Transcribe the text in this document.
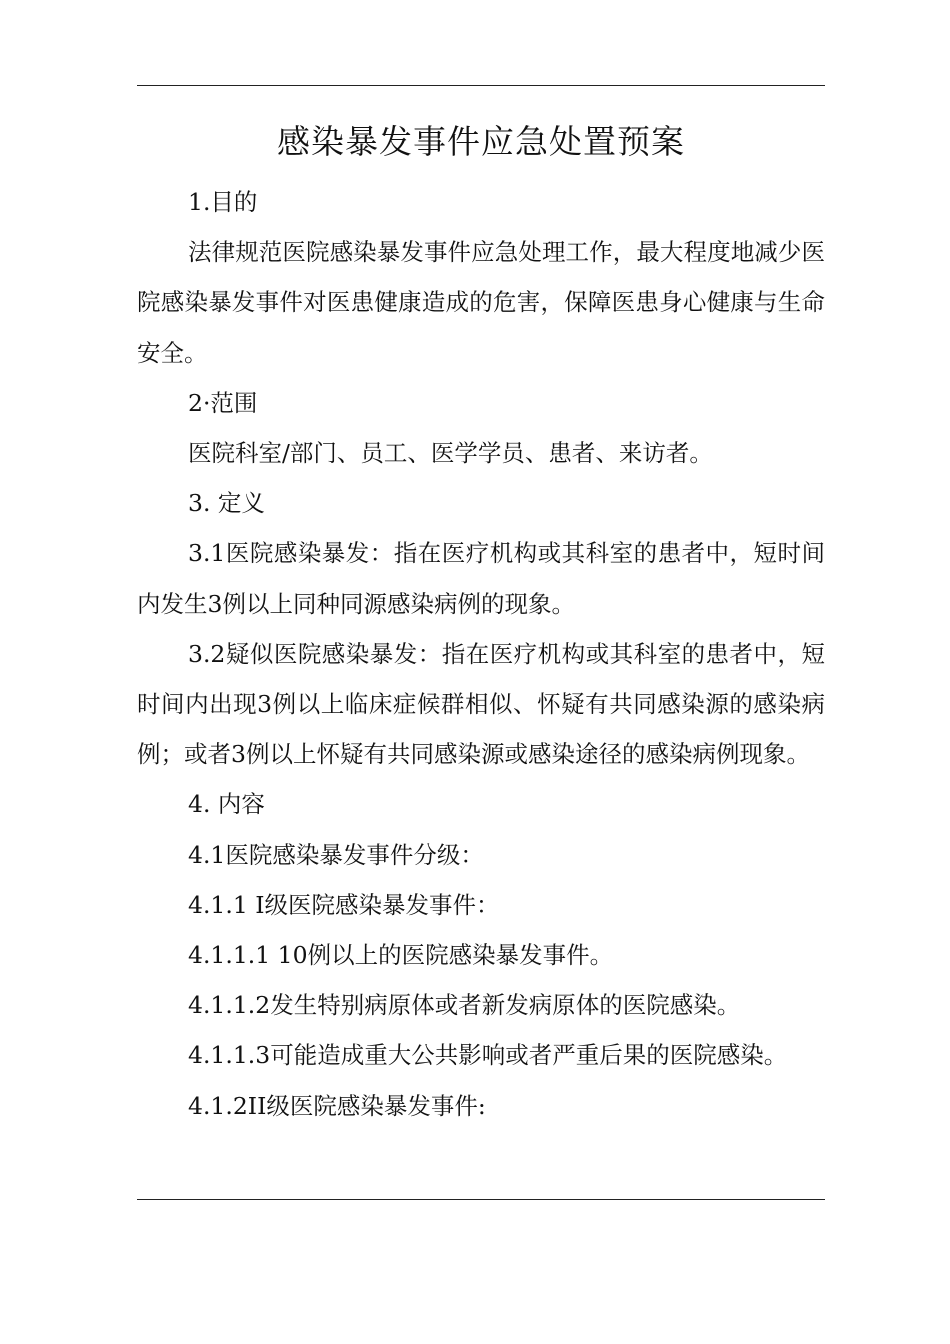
感染暴发事件应急处置预案

1.目的

法律规范医院感染暴发事件应急处理工作，最大程度地减少医院感染暴发事件对医患健康造成的危害，保障医患身心健康与生命安全。

2·范围

医院科室/部门、员工、医学学员、患者、来访者。

3. 定义

3.1医院感染暴发：指在医疗机构或其科室的患者中，短时间内发生3例以上同种同源感染病例的现象。

3.2疑似医院感染暴发：指在医疗机构或其科室的患者中，短时间内出现3例以上临床症候群相似、怀疑有共同感染源的感染病例；或者3例以上怀疑有共同感染源或感染途径的感染病例现象。

4. 内容

4.1医院感染暴发事件分级：

4.1.1 I级医院感染暴发事件：

4.1.1.1 10例以上的医院感染暴发事件。

4.1.1.2发生特别病原体或者新发病原体的医院感染。

4.1.1.3可能造成重大公共影响或者严重后果的医院感染。

4.1.2II级医院感染暴发事件:
